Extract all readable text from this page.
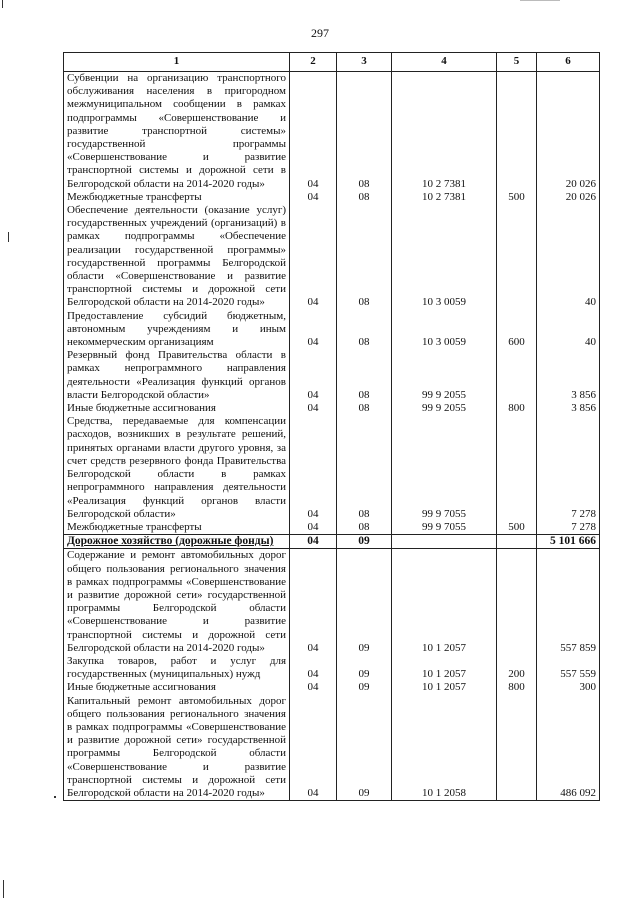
297
1	2	3	4	5	6
Субвенции на организацию транспортного обслуживания населения в пригородном межмуниципальном сообщении в рамках подпрограммы «Совершенствование и развитие транспортной системы» государственной программы «Совершенствование и развитие транспортной системы и дорожной сети в Белгородской области на 2014-2020 годы»	04	08	10 2 7381		20 026
Межбюджетные трансферты	04	08	10 2 7381	500	20 026
Обеспечение деятельности (оказание услуг) государственных учреждений (организаций) в рамках подпрограммы «Обеспечение реализации государственной программы» государственной программы Белгородской области «Совершенствование и развитие транспортной системы и дорожной сети Белгородской области на 2014-2020 годы»	04	08	10 3 0059		40
Предоставление субсидий бюджетным, автономным учреждениям и иным некоммерческим организациям	04	08	10 3 0059	600	40
Резервный фонд Правительства области в рамках непрограммного направления деятельности «Реализация функций органов власти Белгородской области»	04	08	99 9 2055		3 856
Иные бюджетные ассигнования	04	08	99 9 2055	800	3 856
Средства, передаваемые для компенсации расходов, возникших в результате решений, принятых органами власти другого уровня, за счет средств резервного фонда Правительства Белгородской области в рамках непрограммного направления деятельности «Реализация функций органов власти Белгородской области»	04	08	99 9 7055		7 278
Межбюджетные трансферты	04	08	99 9 7055	500	7 278
Дорожное хозяйство (дорожные фонды)	04	09			5 101 666
Содержание и ремонт автомобильных дорог общего пользования регионального значения в рамках подпрограммы «Совершенствование и развитие дорожной сети» государственной программы Белгородской области «Совершенствование и развитие транспортной системы и дорожной сети Белгородской области на 2014-2020 годы»	04	09	10 1 2057		557 859
Закупка товаров, работ и услуг для государственных (муниципальных) нужд	04	09	10 1 2057	200	557 559
Иные бюджетные ассигнования	04	09	10 1 2057	800	300
Капитальный ремонт автомобильных дорог общего пользования регионального значения в рамках подпрограммы «Совершенствование и развитие дорожной сети» государственной программы Белгородской области «Совершенствование и развитие транспортной системы и дорожной сети Белгородской области на 2014-2020 годы»	04	09	10 1 2058		486 092
